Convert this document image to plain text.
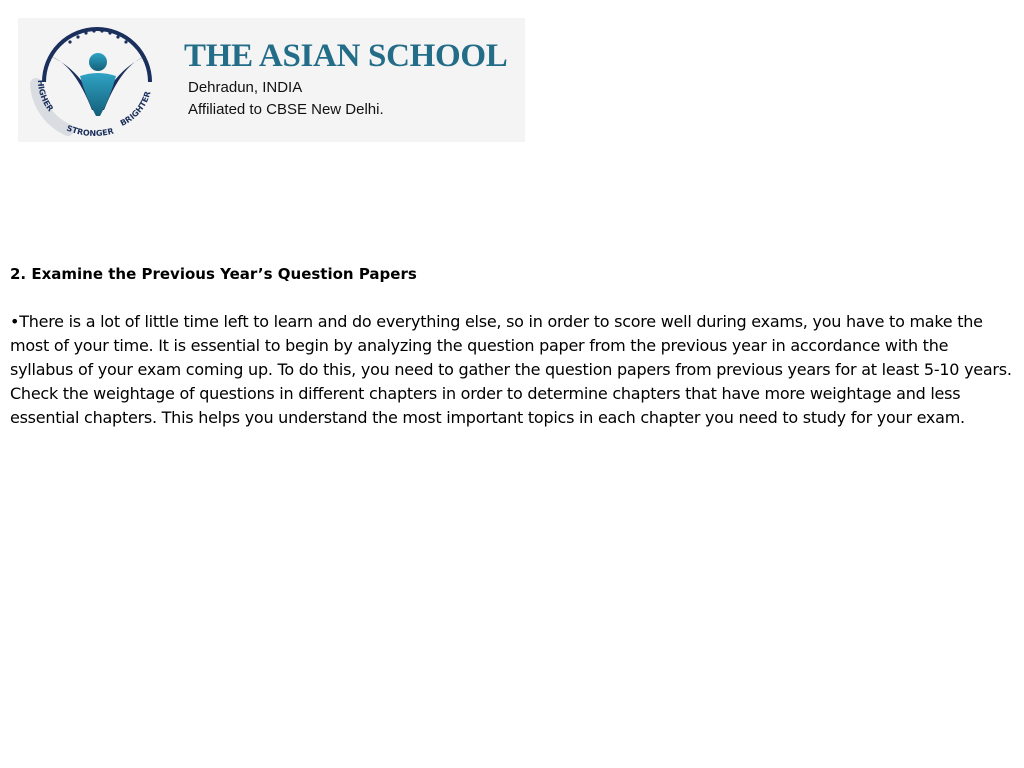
HIGHER
STRONGER
BRIGHTER
THE ASIAN SCHOOL
Dehradun, INDIA
Affiliated to CBSE New Delhi.
2. Examine the Previous Year’s Question Papers

•There is a lot of little time left to learn and do everything else, so in order to score well during exams, you have to make the most of your time. It is essential to begin by analyzing the question paper from the previous year in accordance with the syllabus of your exam coming up. To do this, you need to gather the question papers from previous years for at least 5-10 years. Check the weightage of questions in different chapters in order to determine chapters that have more weightage and less essential chapters. This helps you understand the most important topics in each chapter you need to study for your exam.
